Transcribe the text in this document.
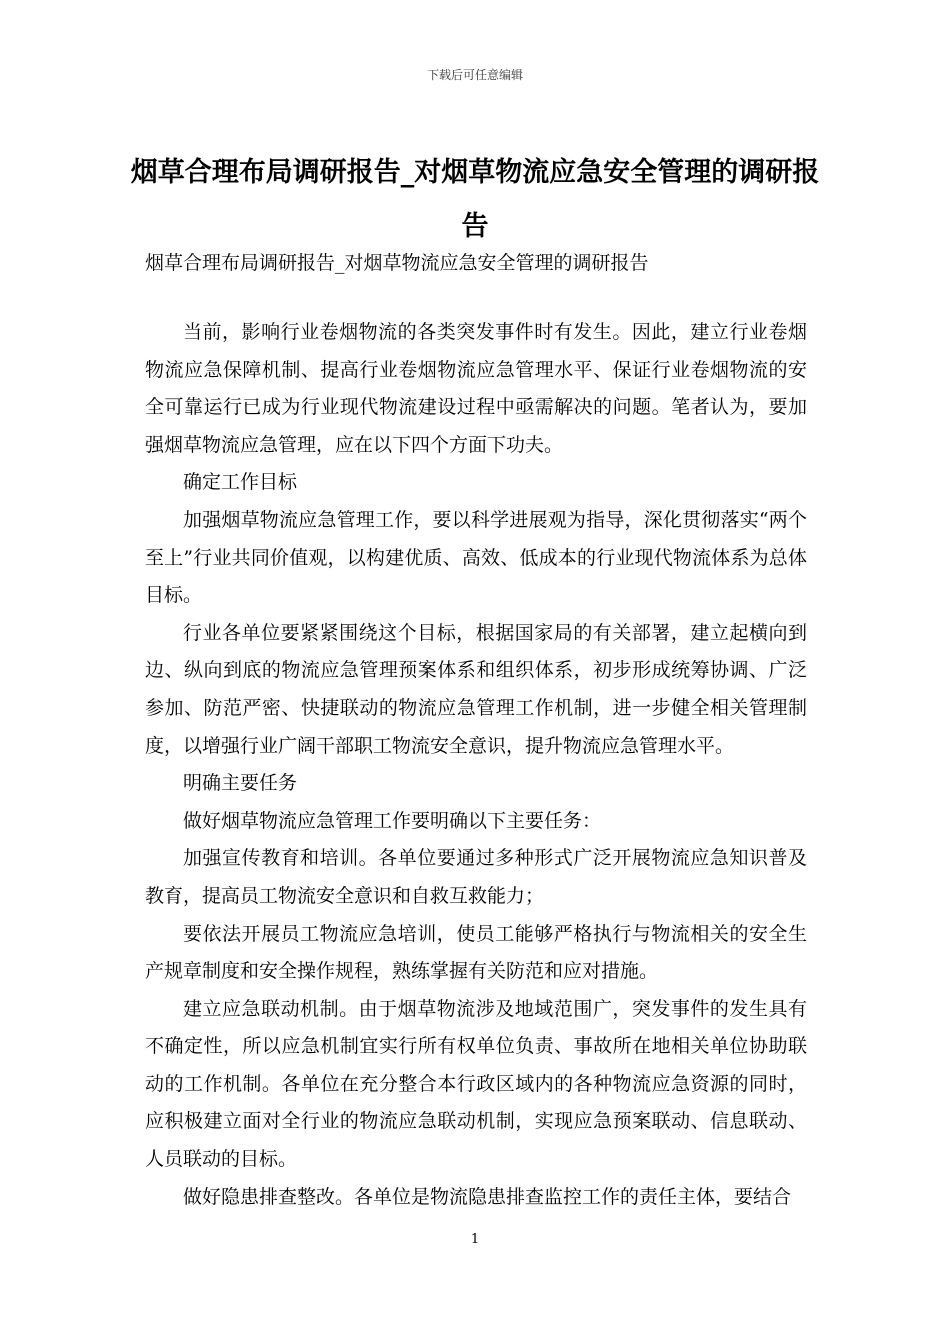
下载后可任意编辑
烟草合理布局调研报告_对烟草物流应急安全管理的调研报告
烟草合理布局调研报告_对烟草物流应急安全管理的调研报告

当前，影响行业卷烟物流的各类突发事件时有发生。因此，建立行业卷烟物流应急保障机制、提高行业卷烟物流应急管理水平、保证行业卷烟物流的安全可靠运行已成为行业现代物流建设过程中亟需解决的问题。笔者认为，要加强烟草物流应急管理，应在以下四个方面下功夫。

确定工作目标

加强烟草物流应急管理工作，要以科学进展观为指导，深化贯彻落实“两个至上”行业共同价值观，以构建优质、高效、低成本的行业现代物流体系为总体目标。

行业各单位要紧紧围绕这个目标，根据国家局的有关部署，建立起横向到边、纵向到底的物流应急管理预案体系和组织体系，初步形成统筹协调、广泛参加、防范严密、快捷联动的物流应急管理工作机制，进一步健全相关管理制度，以增强行业广阔干部职工物流安全意识，提升物流应急管理水平。

明确主要任务

做好烟草物流应急管理工作要明确以下主要任务：

加强宣传教育和培训。各单位要通过多种形式广泛开展物流应急知识普及教育，提高员工物流安全意识和自救互救能力；

要依法开展员工物流应急培训，使员工能够严格执行与物流相关的安全生产规章制度和安全操作规程，熟练掌握有关防范和应对措施。

建立应急联动机制。由于烟草物流涉及地域范围广，突发事件的发生具有不确定性，所以应急机制宜实行所有权单位负责、事故所在地相关单位协助联动的工作机制。各单位在充分整合本行政区域内的各种物流应急资源的同时，应积极建立面对全行业的物流应急联动机制，实现应急预案联动、信息联动、人员联动的目标。

做好隐患排查整改。各单位是物流隐患排查监控工作的责任主体，要结合

1
